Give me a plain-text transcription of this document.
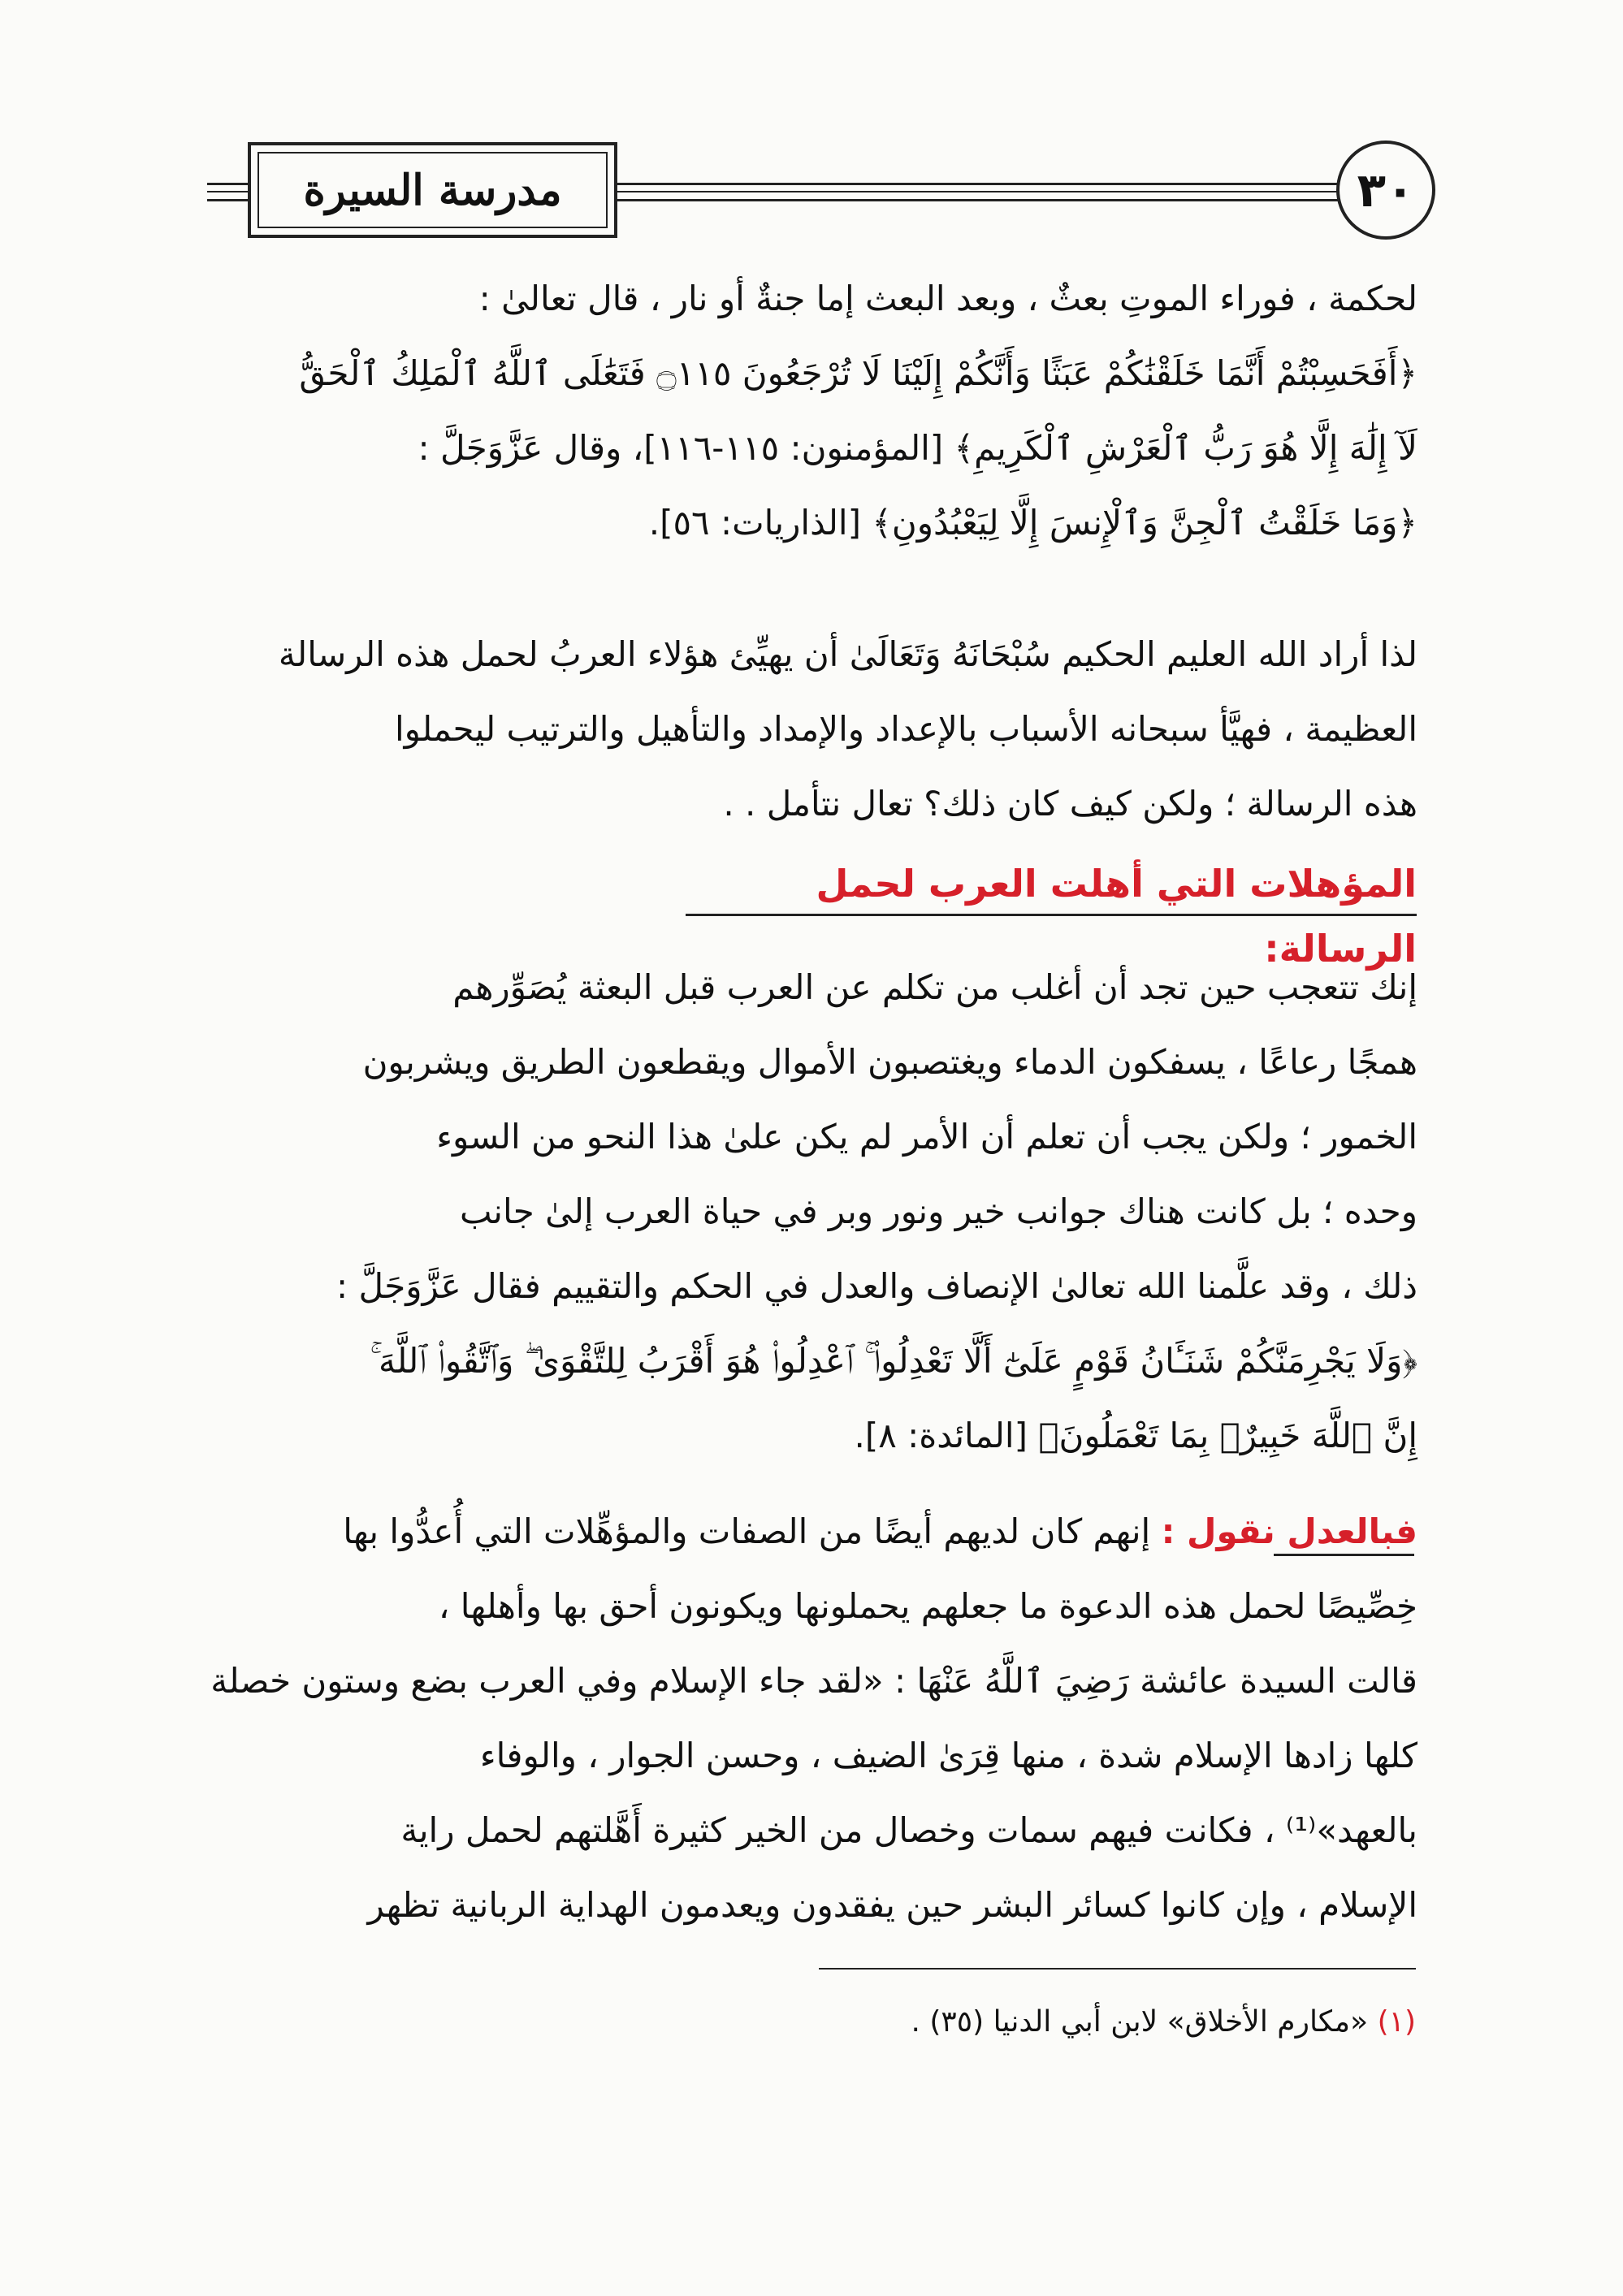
مدرسة السيرة	٣٠
لحكمة ، فوراء الموتِ بعثٌ ، وبعد البعث إما جنةٌ أو نار ، قال تعالىٰ :
﴿أَفَحَسِبْتُمْ أَنَّمَا خَلَقْنَٰكُمْ عَبَثًا وَأَنَّكُمْ إِلَيْنَا لَا تُرْجَعُونَ ۝١١٥ فَتَعَٰلَى ٱللَّهُ ٱلْمَلِكُ ٱلْحَقُّ
لَآ إِلَٰهَ إِلَّا هُوَ رَبُّ ٱلْعَرْشِ ٱلْكَرِيمِ﴾ [المؤمنون: ١١٥-١١٦]، وقال عَزَّوَجَلَّ :
﴿وَمَا خَلَقْتُ ٱلْجِنَّ وَٱلْإِنسَ إِلَّا لِيَعْبُدُونِ﴾ [الذاريات: ٥٦].
لذا أراد الله العليم الحكيم سُبْحَانَهُ وَتَعَالَىٰ أن يهيِّئ هؤلاء العربُ لحمل هذه الرسالة
العظيمة ، فهيَّأ سبحانه الأسباب بالإعداد والإمداد والتأهيل والترتيب ليحملوا
هذه الرسالة ؛ ولكن كيف كان ذلك؟ تعال نتأمل . .
المؤهلات التي أهلت العرب لحمل الرسالة:
إنك تتعجب حين تجد أن أغلب من تكلم عن العرب قبل البعثة يُصَوِّرهم
همجًا رعاعًا ، يسفكون الدماء ويغتصبون الأموال ويقطعون الطريق ويشربون
الخمور ؛ ولكن يجب أن تعلم أن الأمر لم يكن علىٰ هذا النحو من السوء
وحده ؛ بل كانت هناك جوانب خير ونور وبر في حياة العرب إلىٰ جانب
ذلك ، وقد علَّمنا الله تعالىٰ الإنصاف والعدل في الحكم والتقييم فقال عَزَّوَجَلَّ :
﴿وَلَا يَجْرِمَنَّكُمْ شَنَـَٔانُ قَوْمٍ عَلَىٰٓ أَلَّا تَعْدِلُوا۟ ۚ ٱعْدِلُوا۟ هُوَ أَقْرَبُ لِلتَّقْوَىٰ ۖ وَٱتَّقُوا۟ ٱللَّهَ ۚ
إِنَّ ٱللَّهَ خَبِيرٌۢ بِمَا تَعْمَلُونَ﴾ [المائدة: ٨].
فبالعدل نقول : إنهم كان لديهم أيضًا من الصفات والمؤهِّلات التي أُعدُّوا بها
خِصِّيصًا لحمل هذه الدعوة ما جعلهم يحملونها ويكونون أحق بها وأهلها ،
قالت السيدة عائشة رَضِيَ ٱللَّهُ عَنْهَا : «لقد جاء الإسلام وفي العرب بضع وستون خصلة
كلها زادها الإسلام شدة ، منها قِرَىٰ الضيف ، وحسن الجوار ، والوفاء
بالعهد»⁽¹⁾ ، فكانت فيهم سمات وخصال من الخير كثيرة أَهَّلتهم لحمل راية
الإسلام ، وإن كانوا كسائر البشر حين يفقدون ويعدمون الهداية الربانية تظهر
(١) «مكارم الأخلاق» لابن أبي الدنيا (٣٥) .
